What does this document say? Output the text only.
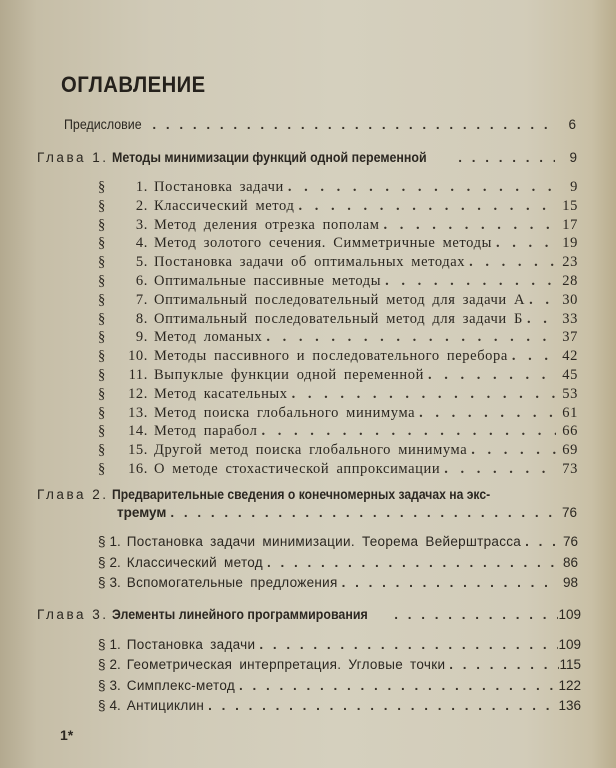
ОГЛАВЛЕНИЕ
Предисловие . . .	6
Глава 1. Методы минимизации функций одной переменной . . .	9
§ 1. Постановка задачи . . .	9
§ 2. Классический метод . . .	15
§ 3. Метод деления отрезка пополам . . .	17
§ 4. Метод золотого сечения. Симметричные методы . . .	19
§ 5. Постановка задачи об оптимальных методах . . .	23
§ 6. Оптимальные пассивные методы . . .	28
§ 7. Оптимальный последовательный метод для задачи А . . .	30
§ 8. Оптимальный последовательный метод для задачи Б . . .	33
§ 9. Метод ломаных . . .	37
§ 10. Методы пассивного и последовательного перебора . . .	42
§ 11. Выпуклые функции одной переменной . . .	45
§ 12. Метод касательных . . .	53
§ 13. Метод поиска глобального минимума . . .	61
§ 14. Метод парабол . . .	66
§ 15. Другой метод поиска глобального минимума . . .	69
§ 16. О методе стохастической аппроксимации . . .	73
Глава 2. Предварительные сведения о конечномерных задачах на экс-
тремум . . .	76
§ 1. Постановка задачи минимизации. Теорема Вейерштрасса . . .	76
§ 2. Классический метод . . .	86
§ 3. Вспомогательные предложения . . .	98
Глава 3. Элементы линейного программирования . . .	109
§ 1. Постановка задачи . . .	109
§ 2. Геометрическая интерпретация. Угловые точки . . .	115
§ 3. Симплекс-метод . . .	122
§ 4. Антициклин . . .	136
1*
